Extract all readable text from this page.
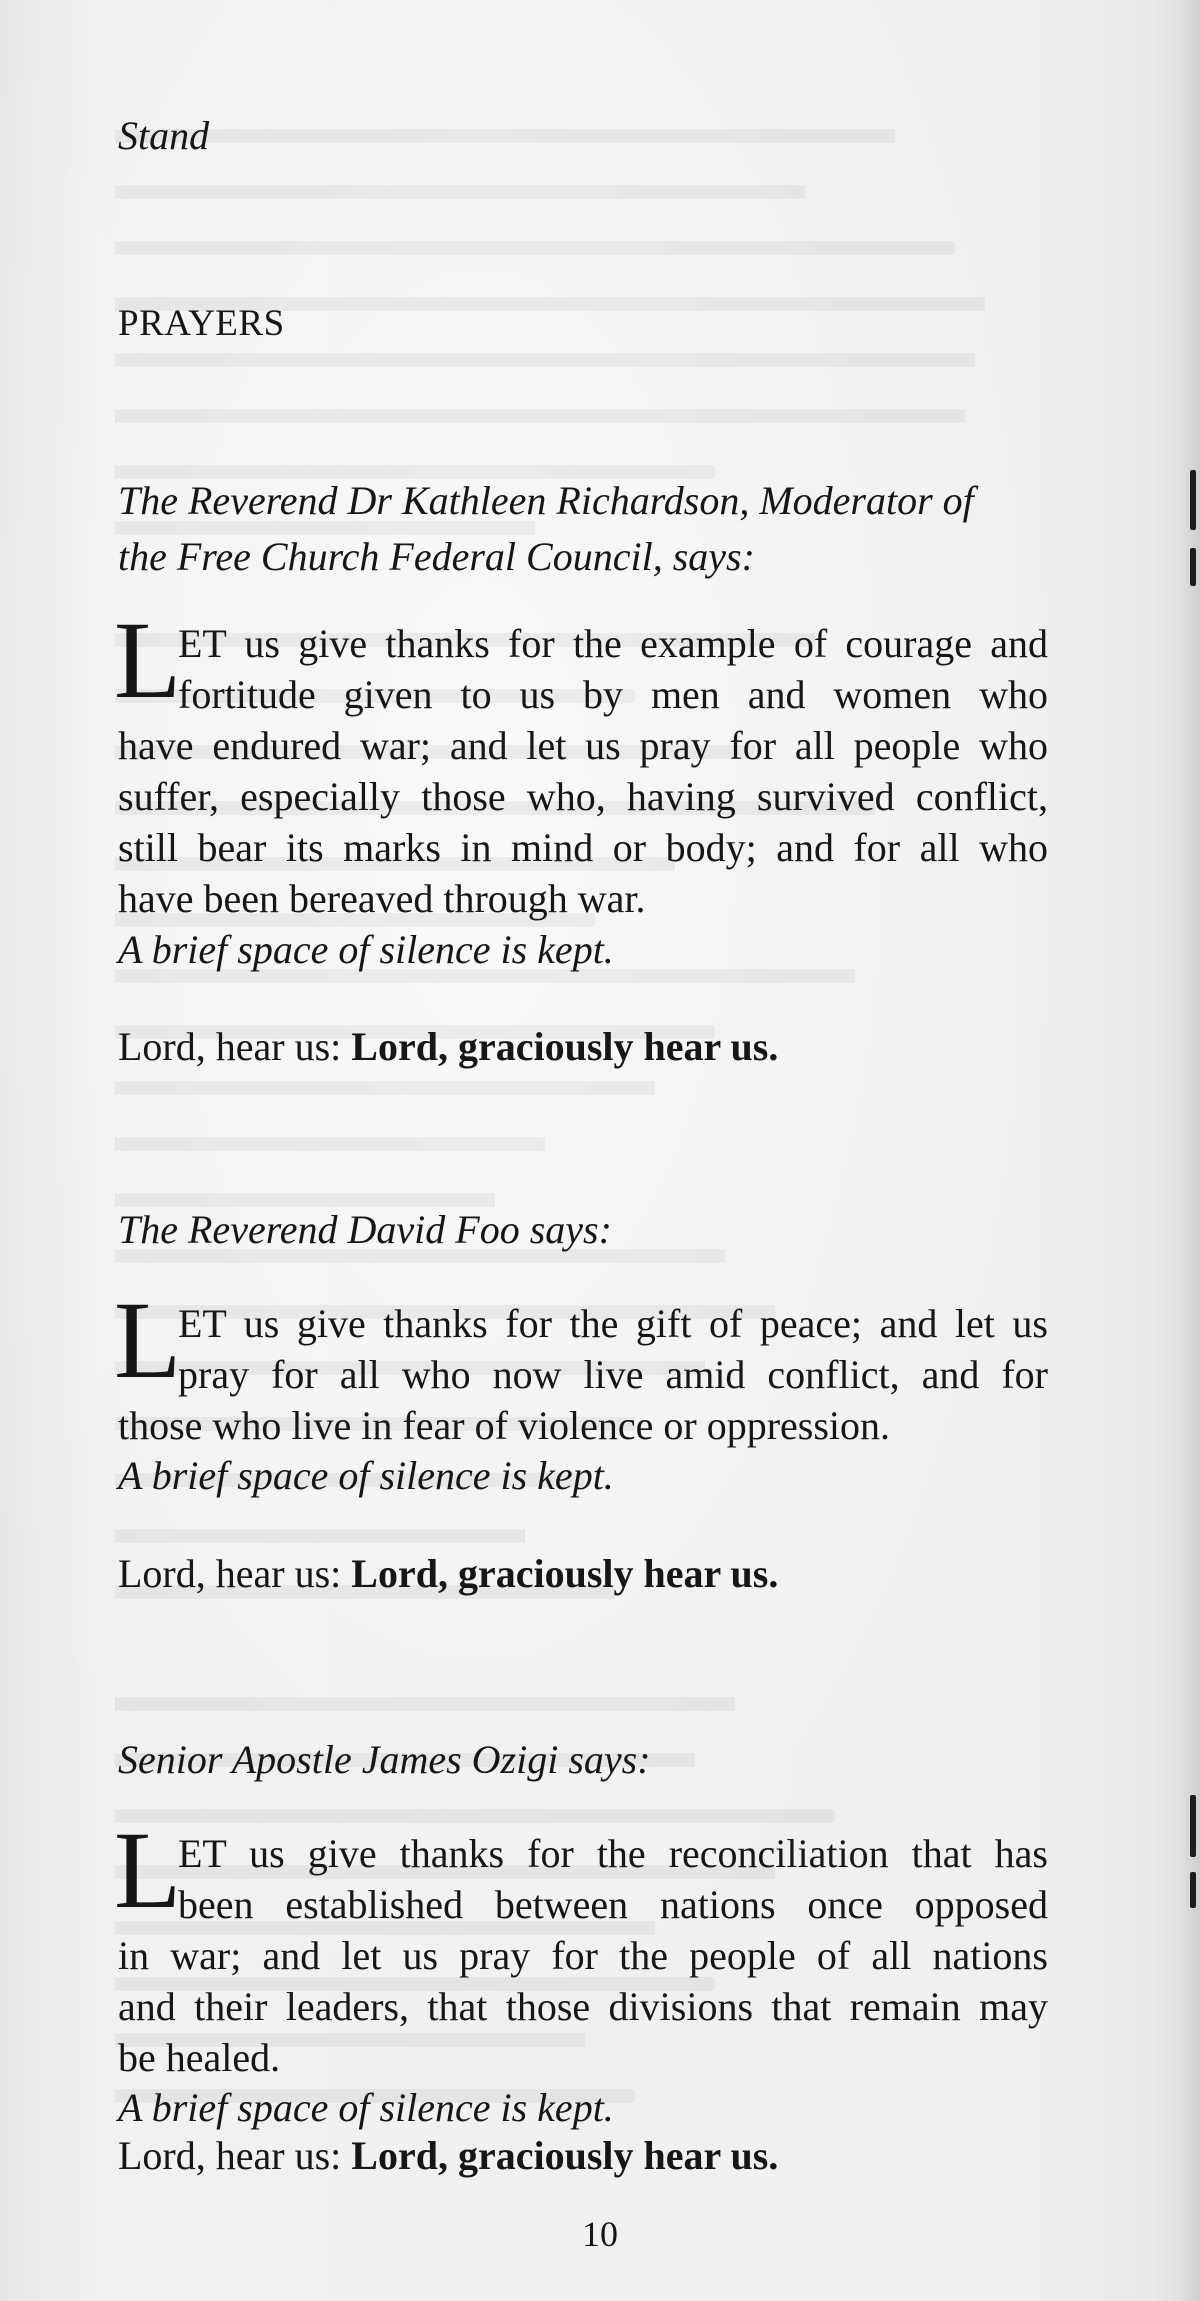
Stand
PRAYERS
The Reverend Dr Kathleen Richardson, Moderator of
the Free Church Federal Council, says:
L
ET us give thanks for the example of courage and
fortitude given to us by men and women who
have endured war; and let us pray for all people who
suffer, especially those who, having survived conflict,
still bear its marks in mind or body; and for all who
have been bereaved through war.
A brief space of silence is kept.
Lord, hear us: Lord, graciously hear us.
The Reverend David Foo says:
L
ET us give thanks for the gift of peace; and let us
pray for all who now live amid conflict, and for
those who live in fear of violence or oppression.
A brief space of silence is kept.
Lord, hear us: Lord, graciously hear us.
Senior Apostle James Ozigi says:
L
ET us give thanks for the reconciliation that has
been established between nations once opposed
in war; and let us pray for the people of all nations
and their leaders, that those divisions that remain may
be healed.
A brief space of silence is kept.
Lord, hear us: Lord, graciously hear us.
10
